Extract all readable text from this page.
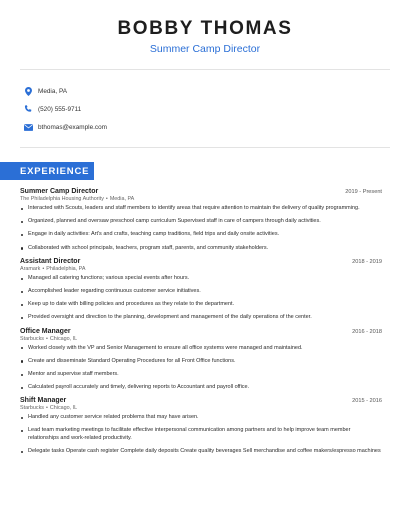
BOBBY THOMAS
Summer Camp Director
Media, PA
(520) 555-9711
bthomas@example.com
EXPERIENCE
Summer Camp Director	2019 - Present
The Philadelphia Housing Authority • Media, PA
Interacted with Scouts, leaders and staff members to identify areas that require attention to maintain the delivery of quality programming.
Organized, planned and oversaw preschool camp curriculum Supervised staff in care of campers through daily activities.
Engage in daily activities: Art's and crafts, teaching camp traditions, field trips and daily onsite activities.
Collaborated with school principals, teachers, program staff, parents, and community stakeholders.
Assistant Director	2018 - 2019
Aramark • Philadelphia, PA
Managed all catering functions; various special events after hours.
Accomplished leader regarding continuous customer service initiatives.
Keep up to date with billing policies and procedures as they relate to the department.
Provided oversight and direction to the planning, development and management of the daily operations of the center.
Office Manager	2016 - 2018
Starbucks • Chicago, IL
Worked closely with the VP and Senior Management to ensure all office systems were managed and maintained.
Create and disseminate Standard Operating Procedures for all Front Office functions.
Mentor and supervise staff members.
Calculated payroll accurately and timely, delivering reports to Accountant and payroll office.
Shift Manager	2015 - 2016
Starbucks • Chicago, IL
Handled any customer service related problems that may have arisen.
Lead team marketing meetings to facilitate effective interpersonal communication among partners and to help improve team member relationships and work-related productivity.
Delegate tasks Operate cash register Complete daily deposits Create quality beverages Sell merchandise and coffee makers/espresso machines
